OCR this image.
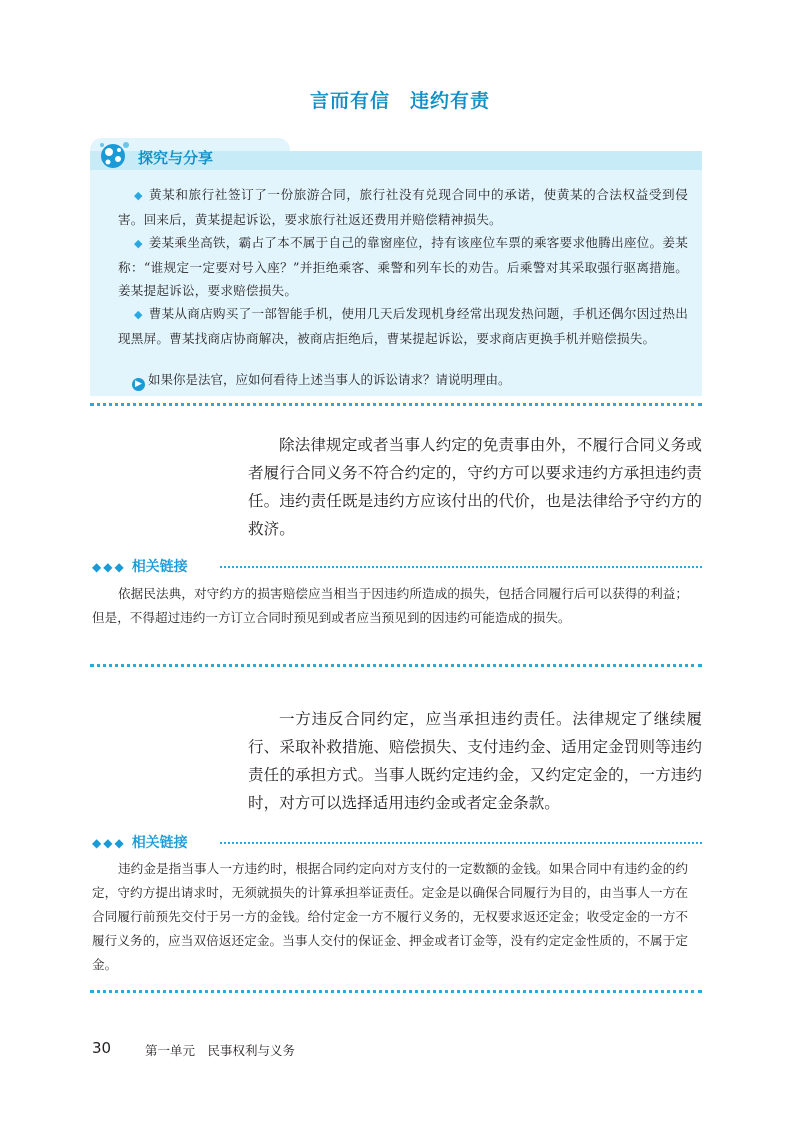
言而有信　违约有责
探究与分享
◆ 黄某和旅行社签订了一份旅游合同，旅行社没有兑现合同中的承诺，使黄某的合法权益受到侵害。回来后，黄某提起诉讼，要求旅行社返还费用并赔偿精神损失。
◆ 姜某乘坐高铁，霸占了本不属于自己的靠窗座位，持有该座位车票的乘客要求他腾出座位。姜某称：“谁规定一定要对号入座？”并拒绝乘客、乘警和列车长的劝告。后乘警对其采取强行驱离措施。姜某提起诉讼，要求赔偿损失。
◆ 曹某从商店购买了一部智能手机，使用几天后发现机身经常出现发热问题，手机还偶尔因过热出现黑屏。曹某找商店协商解决，被商店拒绝后，曹某提起诉讼，要求商店更换手机并赔偿损失。
▶ 如果你是法官，应如何看待上述当事人的诉讼请求？请说明理由。
除法律规定或者当事人约定的免责事由外，不履行合同义务或者履行合同义务不符合约定的，守约方可以要求违约方承担违约责任。违约责任既是违约方应该付出的代价，也是法律给予守约方的救济。
◆◆◆ 相关链接
依据民法典，对守约方的损害赔偿应当相当于因违约所造成的损失，包括合同履行后可以获得的利益；但是，不得超过违约一方订立合同时预见到或者应当预见到的因违约可能造成的损失。
一方违反合同约定，应当承担违约责任。法律规定了继续履行、采取补救措施、赔偿损失、支付违约金、适用定金罚则等违约责任的承担方式。当事人既约定违约金，又约定定金的，一方违约时，对方可以选择适用违约金或者定金条款。
◆◆◆ 相关链接
违约金是指当事人一方违约时，根据合同约定向对方支付的一定数额的金钱。如果合同中有违约金的约定，守约方提出请求时，无须就损失的计算承担举证责任。定金是以确保合同履行为目的，由当事人一方在合同履行前预先交付于另一方的金钱。给付定金一方不履行义务的，无权要求返还定金；收受定金的一方不履行义务的，应当双倍返还定金。当事人交付的保证金、押金或者订金等，没有约定定金性质的，不属于定金。
30	第一单元　民事权利与义务
